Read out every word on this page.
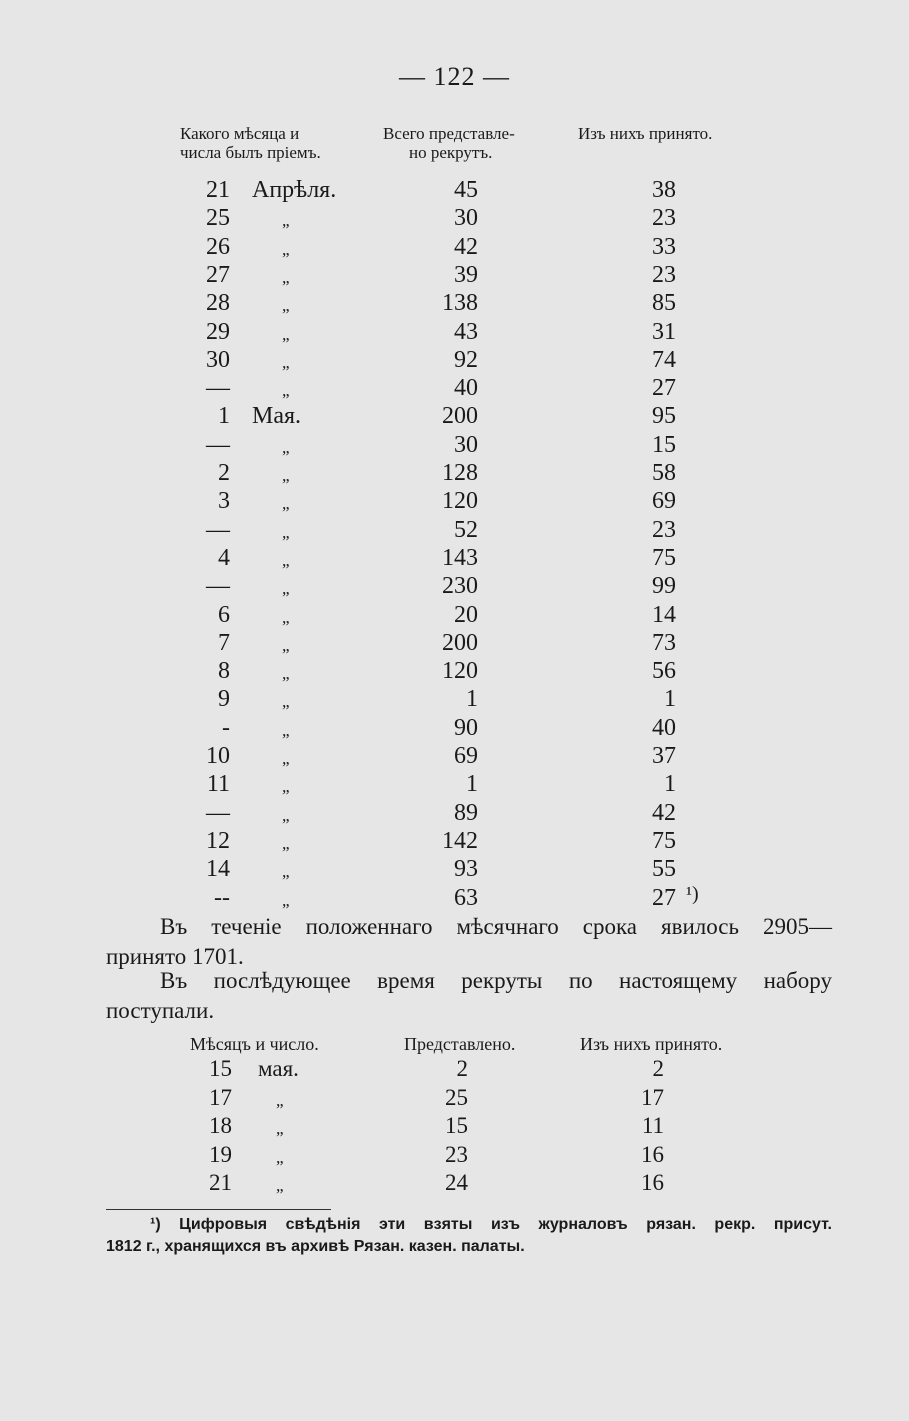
— 122 —
Какого мѣсяца и
числа былъ пріемъ.
Всего представле-
но рекрутъ.
Изъ нихъ принято.
21 Апрѣля.	45	38
25	„	30	23
26	„	42	33
27	„	39	23
28	„	138	85
29	„	43	31
30	„	92	74
—	„	40	27
1 Мая.	200	95
—	„	30	15
2	„	128	58
3	„	120	69
—	„	52	23
4	„	143	75
—	„	230	99
6	„	20	14
7	„	200	73
8	„	120	56
9	„	1	1
-	„	90	40
10	„	69	37
11	„	1	1
—	„	89	42
12	„	142	75
14	„	93	55
--	„	63	27 ¹)
Въ теченіе положеннаго мѣсячнаго срока явилось 2905—
принято 1701.
Въ послѣдующее время рекруты по настоящему набору
поступали.
Мѣсяцъ и число.	Представлено.	Изъ нихъ принято.
15 мая.	2	2
17	„	25	17
18	„	15	11
19	„	23	16
21	„	24	16
¹) Цифровыя свѣдѣнія эти взяты изъ журналовъ рязан. рекр. присут.
1812 г., хранящихся въ архивѣ Рязан. казен. палаты.
